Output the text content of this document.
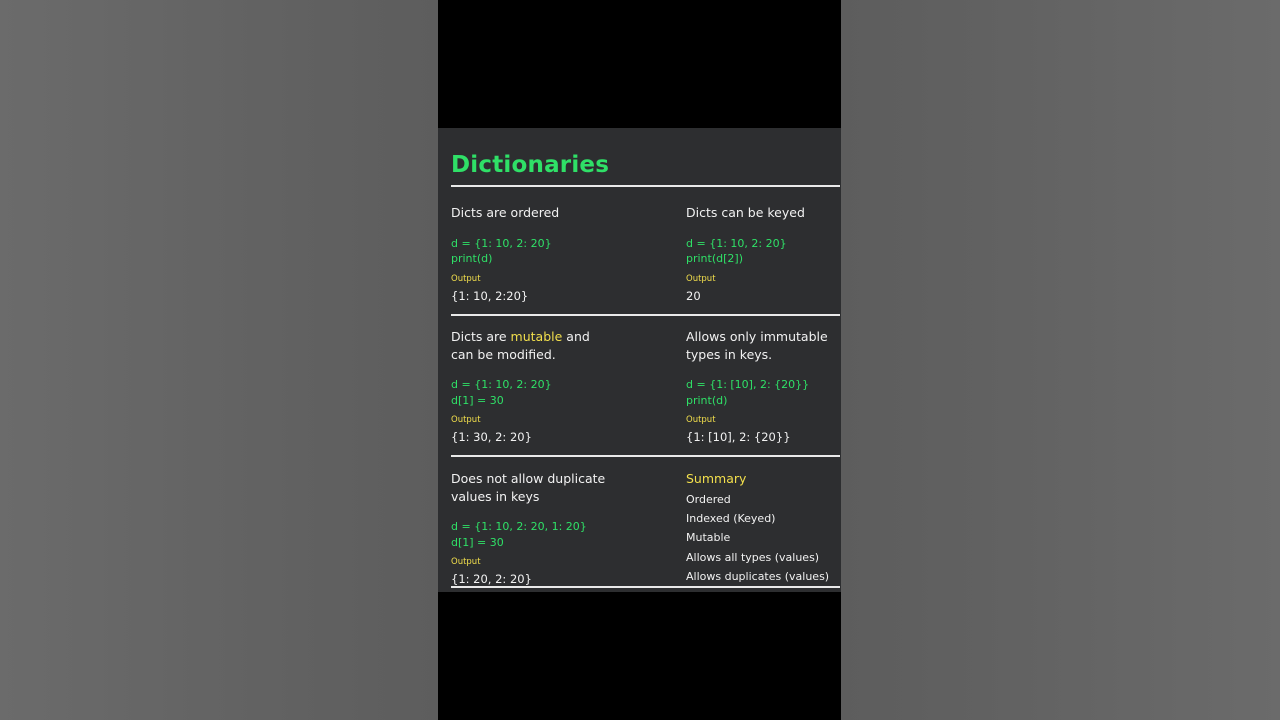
Dictionaries

Dicts are ordered

d = {1: 10, 2: 20}
print(d)
Output
{1: 10, 2:20}

Dicts can be keyed

d = {1: 10, 2: 20}
print(d[2])
Output
20

Dicts are mutable and
can be modified.

d = {1: 10, 2: 20}
d[1] = 30
Output
{1: 30, 2: 20}

Allows only immutable
types in keys.

d = {1: [10], 2: {20}}
print(d)
Output
{1: [10], 2: {20}}

Does not allow duplicate
values in keys

d = {1: 10, 2: 20, 1: 20}
d[1] = 30
Output
{1: 20, 2: 20}

Summary

Ordered
Indexed (Keyed)
Mutable
Allows all types (values)
Allows duplicates (values)
